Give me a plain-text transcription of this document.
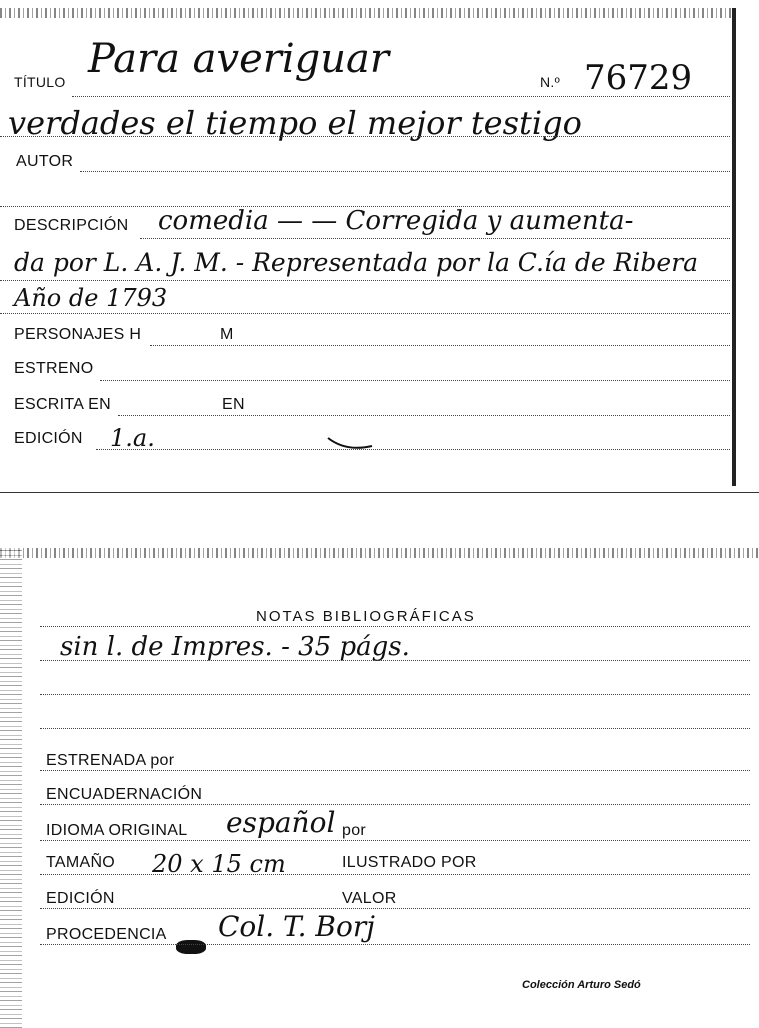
TÍTULO Para averiguar	N.º 76729
verdades el tiempo el mejor testigo
AUTOR
DESCRIPCIÓN comedia — — Corregida y aumenta-
da por L. A. J. M. - Representada por la C.ía de Ribera
Año de 1793
PERSONAJES H	M
ESTRENO
ESCRITA EN	EN
EDICIÓN 1.a.
NOTAS BIBLIOGRÁFICAS
sin l. de Impres. - 35 págs.
ESTRENADA por
ENCUADERNACIÓN
IDIOMA ORIGINAL español por
TAMAÑO 20 x 15 cm	ILUSTRADO POR
EDICIÓN	VALOR
PROCEDENCIA Col. T. Borj
Colección Arturo Sedó
